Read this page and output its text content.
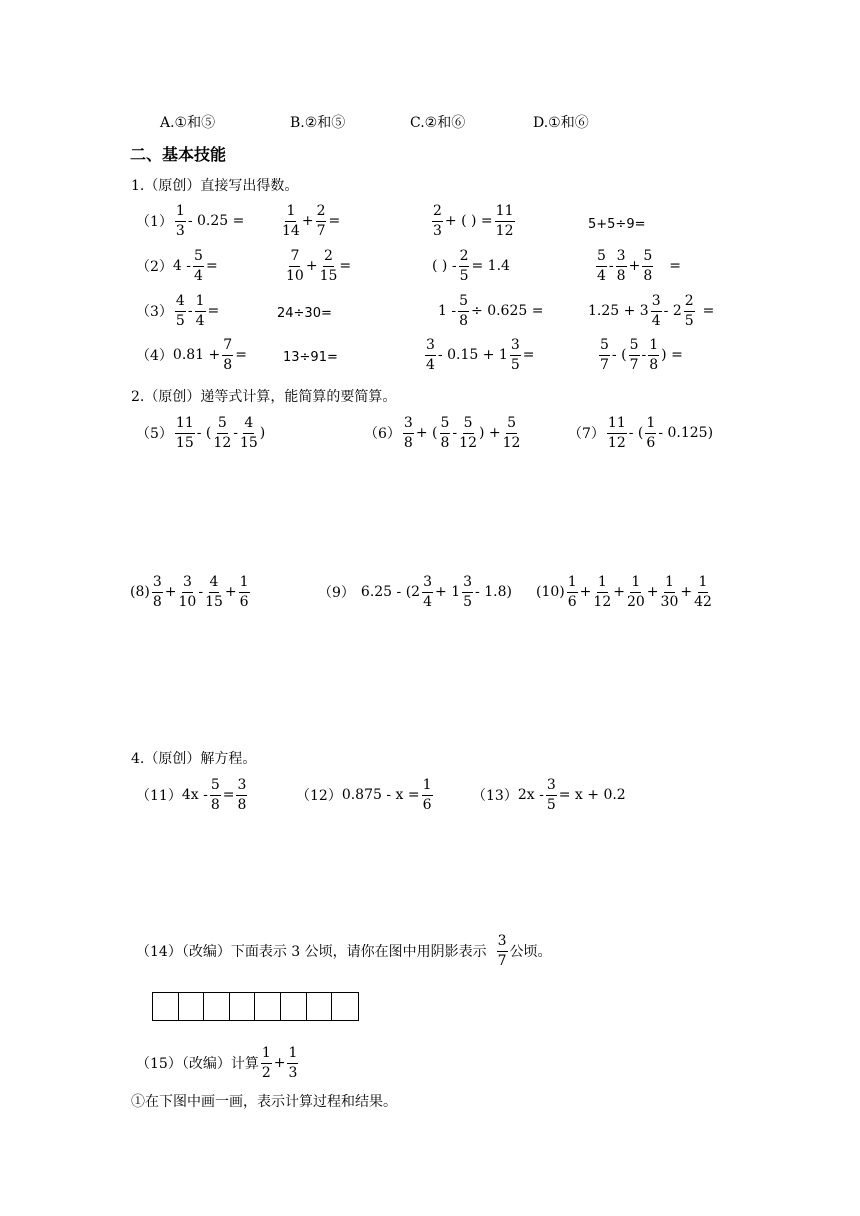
A.①和⑤	B.②和⑤	C.②和⑥	D.①和⑥
二、基本技能
1.（原创）直接写出得数。
$(1) \frac{1}{3} - 0.25$ =	$\frac{1}{14} + \frac{2}{7}$ =	$\frac{2}{3}$ + ( ) = $\frac{11}{12}$	5+5÷9=
（2） $4 - \frac{5}{4}$ =	$\frac{7}{10} + \frac{2}{15}$ =	( ) - $\frac{2}{5} = 1.4$	$\frac{5}{4} - \frac{3}{8} + \frac{5}{8}$ =
$(3) \frac{4}{5} - \frac{1}{4}$ =	24÷30=	$1 - \frac{5}{8} \div 0.625$ =	$1.25 + 3 \frac{3}{4} - 2 \frac{2}{5}$ =
（4） $0.81 + \frac{7}{8}$ =	13÷91=	$\frac{3}{4} - 0.15 + 1 \frac{3}{5}$ =	$\frac{5}{7}$ - ( $\frac{5}{7} - \frac{1}{8}$ ) =
2.（原创）递等式计算，能简算的要简算。
$(5) \frac{11}{15}$ - ( $\frac{5}{12} - \frac{4}{15}$ )	$(6) \frac{3}{8}$ + ( $\frac{5}{8} - \frac{5}{12}$ ) + $\frac{5}{12}$	$(7) \frac{11}{12}$ - ( $\frac{1}{6} - 0.125$)
$(8) \frac{3}{8} + \frac{3}{10} - \frac{4}{15} + \frac{1}{6}$	（9） $6.25 - (2 \frac{3}{4} + 1 \frac{3}{5} - 1.8)$ $(10) \frac{1}{6} + \frac{1}{12} + \frac{1}{20} + \frac{1}{30} + \frac{1}{42}$
4.（原创）解方程。
（11） $4x - \frac{5}{8} = \frac{3}{8}$	（12） $0.875 - x = \frac{1}{6}$	（13） $2x - \frac{3}{5} = x + 0.2$
（14）（改编）下面表示 3 公顷，请你在图中用阴影表示 $\frac{3}{7}$ 公顷。
（15）（改编）计算 $\frac{1}{2} + \frac{1}{3}$
①在下图中画一画，表示计算过程和结果。
